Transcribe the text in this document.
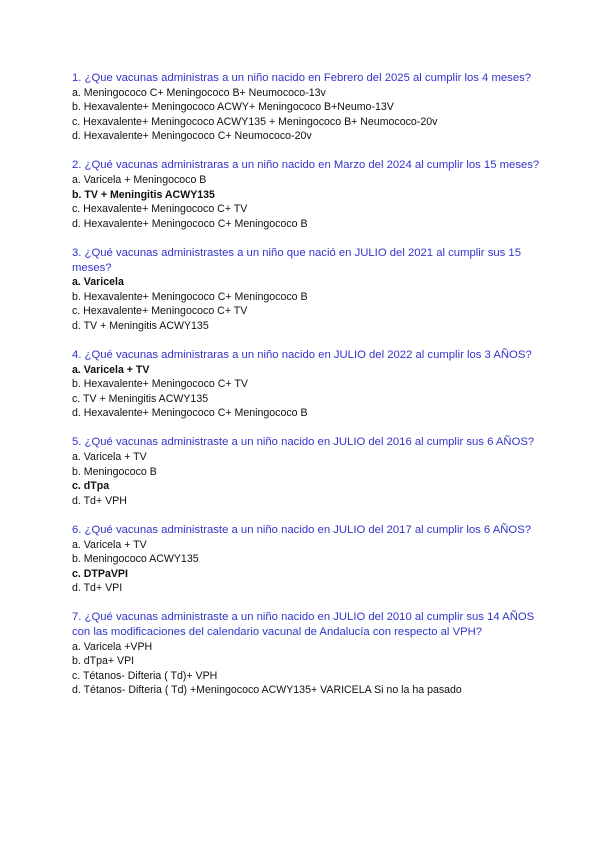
1. ¿Que vacunas administras a un niño nacido en Febrero del 2025 al cumplir los 4 meses?

a. Meningococo C+ Meningococo B+ Neumococo-13v

b. Hexavalente+ Meningococo ACWY+ Meningococo B+Neumo-13V

c. Hexavalente+ Meningococo ACWY135 + Meningococo B+ Neumococo-20v

d. Hexavalente+ Meningococo C+ Neumococo-20v

2. ¿Qué vacunas administraras a un niño nacido en Marzo del 2024 al cumplir los 15 meses?

a. Varicela + Meningococo B

b. TV + Meningitis ACWY135

c. Hexavalente+ Meningococo C+ TV

d. Hexavalente+ Meningococo C+ Meningococo B

3. ¿Qué vacunas administrastes a un niño que nació en JULIO del 2021 al cumplir sus 15 meses?

a. Varicela

b. Hexavalente+ Meningococo C+ Meningococo B

c. Hexavalente+ Meningococo C+ TV

d. TV + Meningitis ACWY135

4. ¿Qué vacunas administraras a un niño nacido en JULIO del 2022 al cumplir los 3 AÑOS?

a. Varicela + TV

b. Hexavalente+ Meningococo C+ TV

c. TV + Meningitis ACWY135

d. Hexavalente+ Meningococo C+ Meningococo B

5. ¿Qué vacunas administraste a un niño nacido en JULIO del 2016 al cumplir sus 6 AÑOS?

a. Varicela + TV

b. Meningococo B

c. dTpa

d. Td+ VPH

6. ¿Qué vacunas administraste a un niño nacido en JULIO del 2017 al cumplir los 6 AÑOS?

a. Varicela + TV

b. Meningococo ACWY135

c. DTPaVPI

d. Td+ VPI

7. ¿Qué vacunas administraste a un niño nacido en JULIO del 2010 al cumplir sus 14 AÑOS con las modificaciones del calendario vacunal de Andalucía con respecto al VPH?

a. Varicela +VPH

b. dTpa+ VPI

c. Tétanos- Difteria ( Td)+ VPH

d. Tétanos- Difteria ( Td) +Meningococo ACWY135+ VARICELA Si no la ha pasado
